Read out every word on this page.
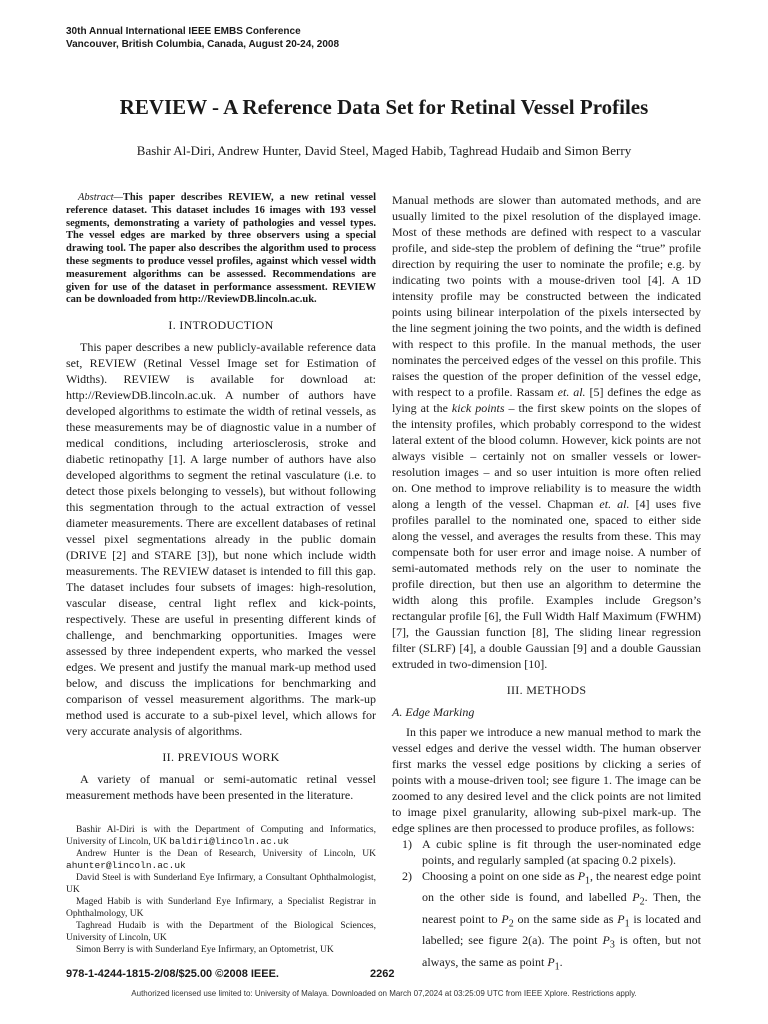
30th Annual International IEEE EMBS Conference
Vancouver, British Columbia, Canada, August 20-24, 2008
REVIEW - A Reference Data Set for Retinal Vessel Profiles
Bashir Al-Diri, Andrew Hunter, David Steel, Maged Habib, Taghread Hudaib and Simon Berry

Abstract—This paper describes REVIEW, a new retinal vessel reference dataset. This dataset includes 16 images with 193 vessel segments, demonstrating a variety of pathologies and vessel types. The vessel edges are marked by three observers using a special drawing tool. The paper also describes the algorithm used to process these segments to produce vessel profiles, against which vessel width measurement algorithms can be assessed. Recommendations are given for use of the dataset in performance assessment. REVIEW can be downloaded from http://ReviewDB.lincoln.ac.uk.

I. INTRODUCTION

This paper describes a new publicly-available reference data set, REVIEW (Retinal Vessel Image set for Estimation of Widths). REVIEW is available for download at: http://ReviewDB.lincoln.ac.uk. A number of authors have developed algorithms to estimate the width of retinal vessels, as these measurements may be of diagnostic value in a number of medical conditions, including arteriosclerosis, stroke and diabetic retinopathy [1]. A large number of authors have also developed algorithms to segment the retinal vasculature (i.e. to detect those pixels belonging to vessels), but without following this segmentation through to the actual extraction of vessel diameter measurements. There are excellent databases of retinal vessel pixel segmentations already in the public domain (DRIVE [2] and STARE [3]), but none which include width measurements. The REVIEW dataset is intended to fill this gap. The dataset includes four subsets of images: high-resolution, vascular disease, central light reflex and kick-points, respectively. These are useful in presenting different kinds of challenge, and benchmarking opportunities. Images were assessed by three independent experts, who marked the vessel edges. We present and justify the manual mark-up method used below, and discuss the implications for benchmarking and comparison of vessel measurement algorithms. The mark-up method used is accurate to a sub-pixel level, which allows for very accurate analysis of algorithms.

II. PREVIOUS WORK

A variety of manual or semi-automatic retinal vessel measurement methods have been presented in the literature.

Bashir Al-Diri is with the Department of Computing and Informatics, University of Lincoln, UK baldiri@lincoln.ac.uk

Andrew Hunter is the Dean of Research, University of Lincoln, UK ahunter@lincoln.ac.uk

David Steel is with Sunderland Eye Infirmary, a Consultant Ophthalmologist, UK

Maged Habib is with Sunderland Eye Infirmary, a Specialist Registrar in Ophthalmology, UK

Taghread Hudaib is with the Department of the Biological Sciences, University of Lincoln, UK

Simon Berry is with Sunderland Eye Infirmary, an Optometrist, UK

Manual methods are slower than automated methods, and are usually limited to the pixel resolution of the displayed image. Most of these methods are defined with respect to a vascular profile, and side-step the problem of defining the “true” profile direction by requiring the user to nominate the profile; e.g. by indicating two points with a mouse-driven tool [4]. A 1D intensity profile may be constructed between the indicated points using bilinear interpolation of the pixels intersected by the line segment joining the two points, and the width is defined with respect to this profile. In the manual methods, the user nominates the perceived edges of the vessel on this profile. This raises the question of the proper definition of the vessel edge, with respect to a profile. Rassam et. al. [5] defines the edge as lying at the kick points – the first skew points on the slopes of the intensity profiles, which probably correspond to the widest lateral extent of the blood column. However, kick points are not always visible – certainly not on smaller vessels or lower-resolution images – and so user intuition is more often relied on. One method to improve reliability is to measure the width along a length of the vessel. Chapman et. al. [4] uses five profiles parallel to the nominated one, spaced to either side along the vessel, and averages the results from these. This may compensate both for user error and image noise. A number of semi-automated methods rely on the user to nominate the profile direction, but then use an algorithm to determine the width along this profile. Examples include Gregson’s rectangular profile [6], the Full Width Half Maximum (FWHM) [7], the Gaussian function [8], The sliding linear regression filter (SLRF) [4], a double Gaussian [9] and a double Gaussian extruded in two-dimension [10].

III. METHODS
A. Edge Marking

In this paper we introduce a new manual method to mark the vessel edges and derive the vessel width. The human observer first marks the vessel edge positions by clicking a series of points with a mouse-driven tool; see figure 1. The image can be zoomed to any desired level and the click points are not limited to image pixel granularity, allowing sub-pixel mark-up. The edge splines are then processed to produce profiles, as follows:

1) A cubic spline is fit through the user-nominated edge points, and regularly sampled (at spacing 0.2 pixels).
2) Choosing a point on one side as $P_1$, the nearest edge point on the other side is found, and labelled $P_2$. Then, the nearest point to $P_2$ on the same side as $P_1$ is located and labelled; see figure 2(a). The point $P_3$ is often, but not always, the same as point $P_1$.
978-1-4244-1815-2/08/$25.00 ©2008 IEEE.	2262
Authorized licensed use limited to: University of Malaya. Downloaded on March 07,2024 at 03:25:09 UTC from IEEE Xplore. Restrictions apply.
